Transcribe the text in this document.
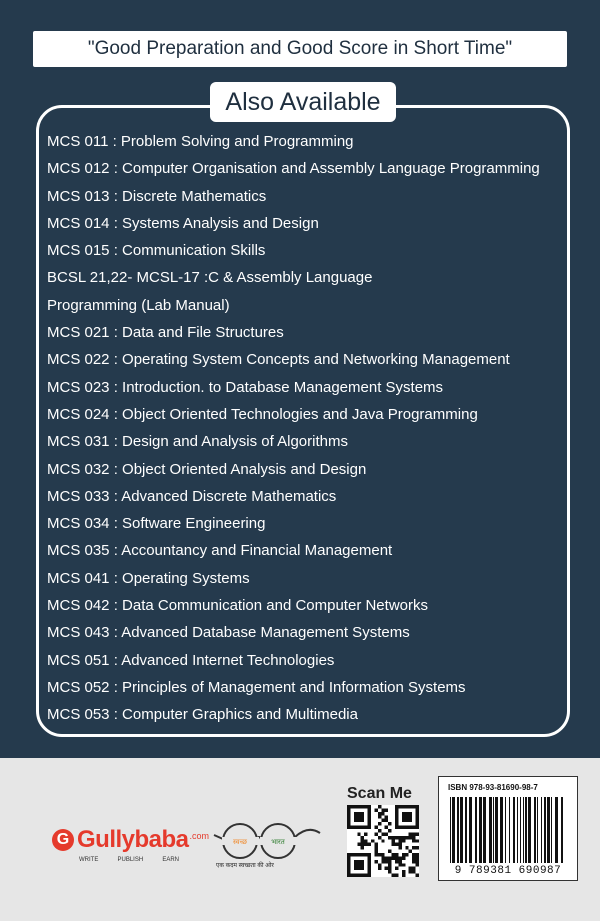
"Good Preparation and Good Score in Short Time"
Also Available
MCS 011 : Problem Solving and Programming
MCS 012 : Computer Organisation and Assembly Language Programming
MCS 013 : Discrete Mathematics
MCS 014 : Systems Analysis and Design
MCS 015 : Communication Skills
BCSL 21,22- MCSL-17 :C & Assembly Language
Programming (Lab Manual)
MCS 021 : Data and File Structures
MCS 022 : Operating System Concepts and Networking Management
MCS 023 : Introduction. to Database Management Systems
MCS 024 : Object Oriented Technologies and Java Programming
MCS 031 : Design and Analysis of Algorithms
MCS 032 : Object Oriented Analysis and Design
MCS 033 : Advanced Discrete Mathematics
MCS 034 : Software Engineering
MCS 035 : Accountancy and Financial Management
MCS 041 : Operating Systems
MCS 042 : Data Communication and Computer Networks
MCS 043 : Advanced Database Management Systems
MCS 051 : Advanced Internet Technologies
MCS 052 : Principles of Management and Information Systems
MCS 053 : Computer Graphics and Multimedia
G Gullybaba .com
WRITE	PUBLISH	EARN
स्वच्छ	भारत
एक कदम स्वच्छता की ओर
Scan Me	ISBN 978-93-81690-98-7
9 789381 690987
